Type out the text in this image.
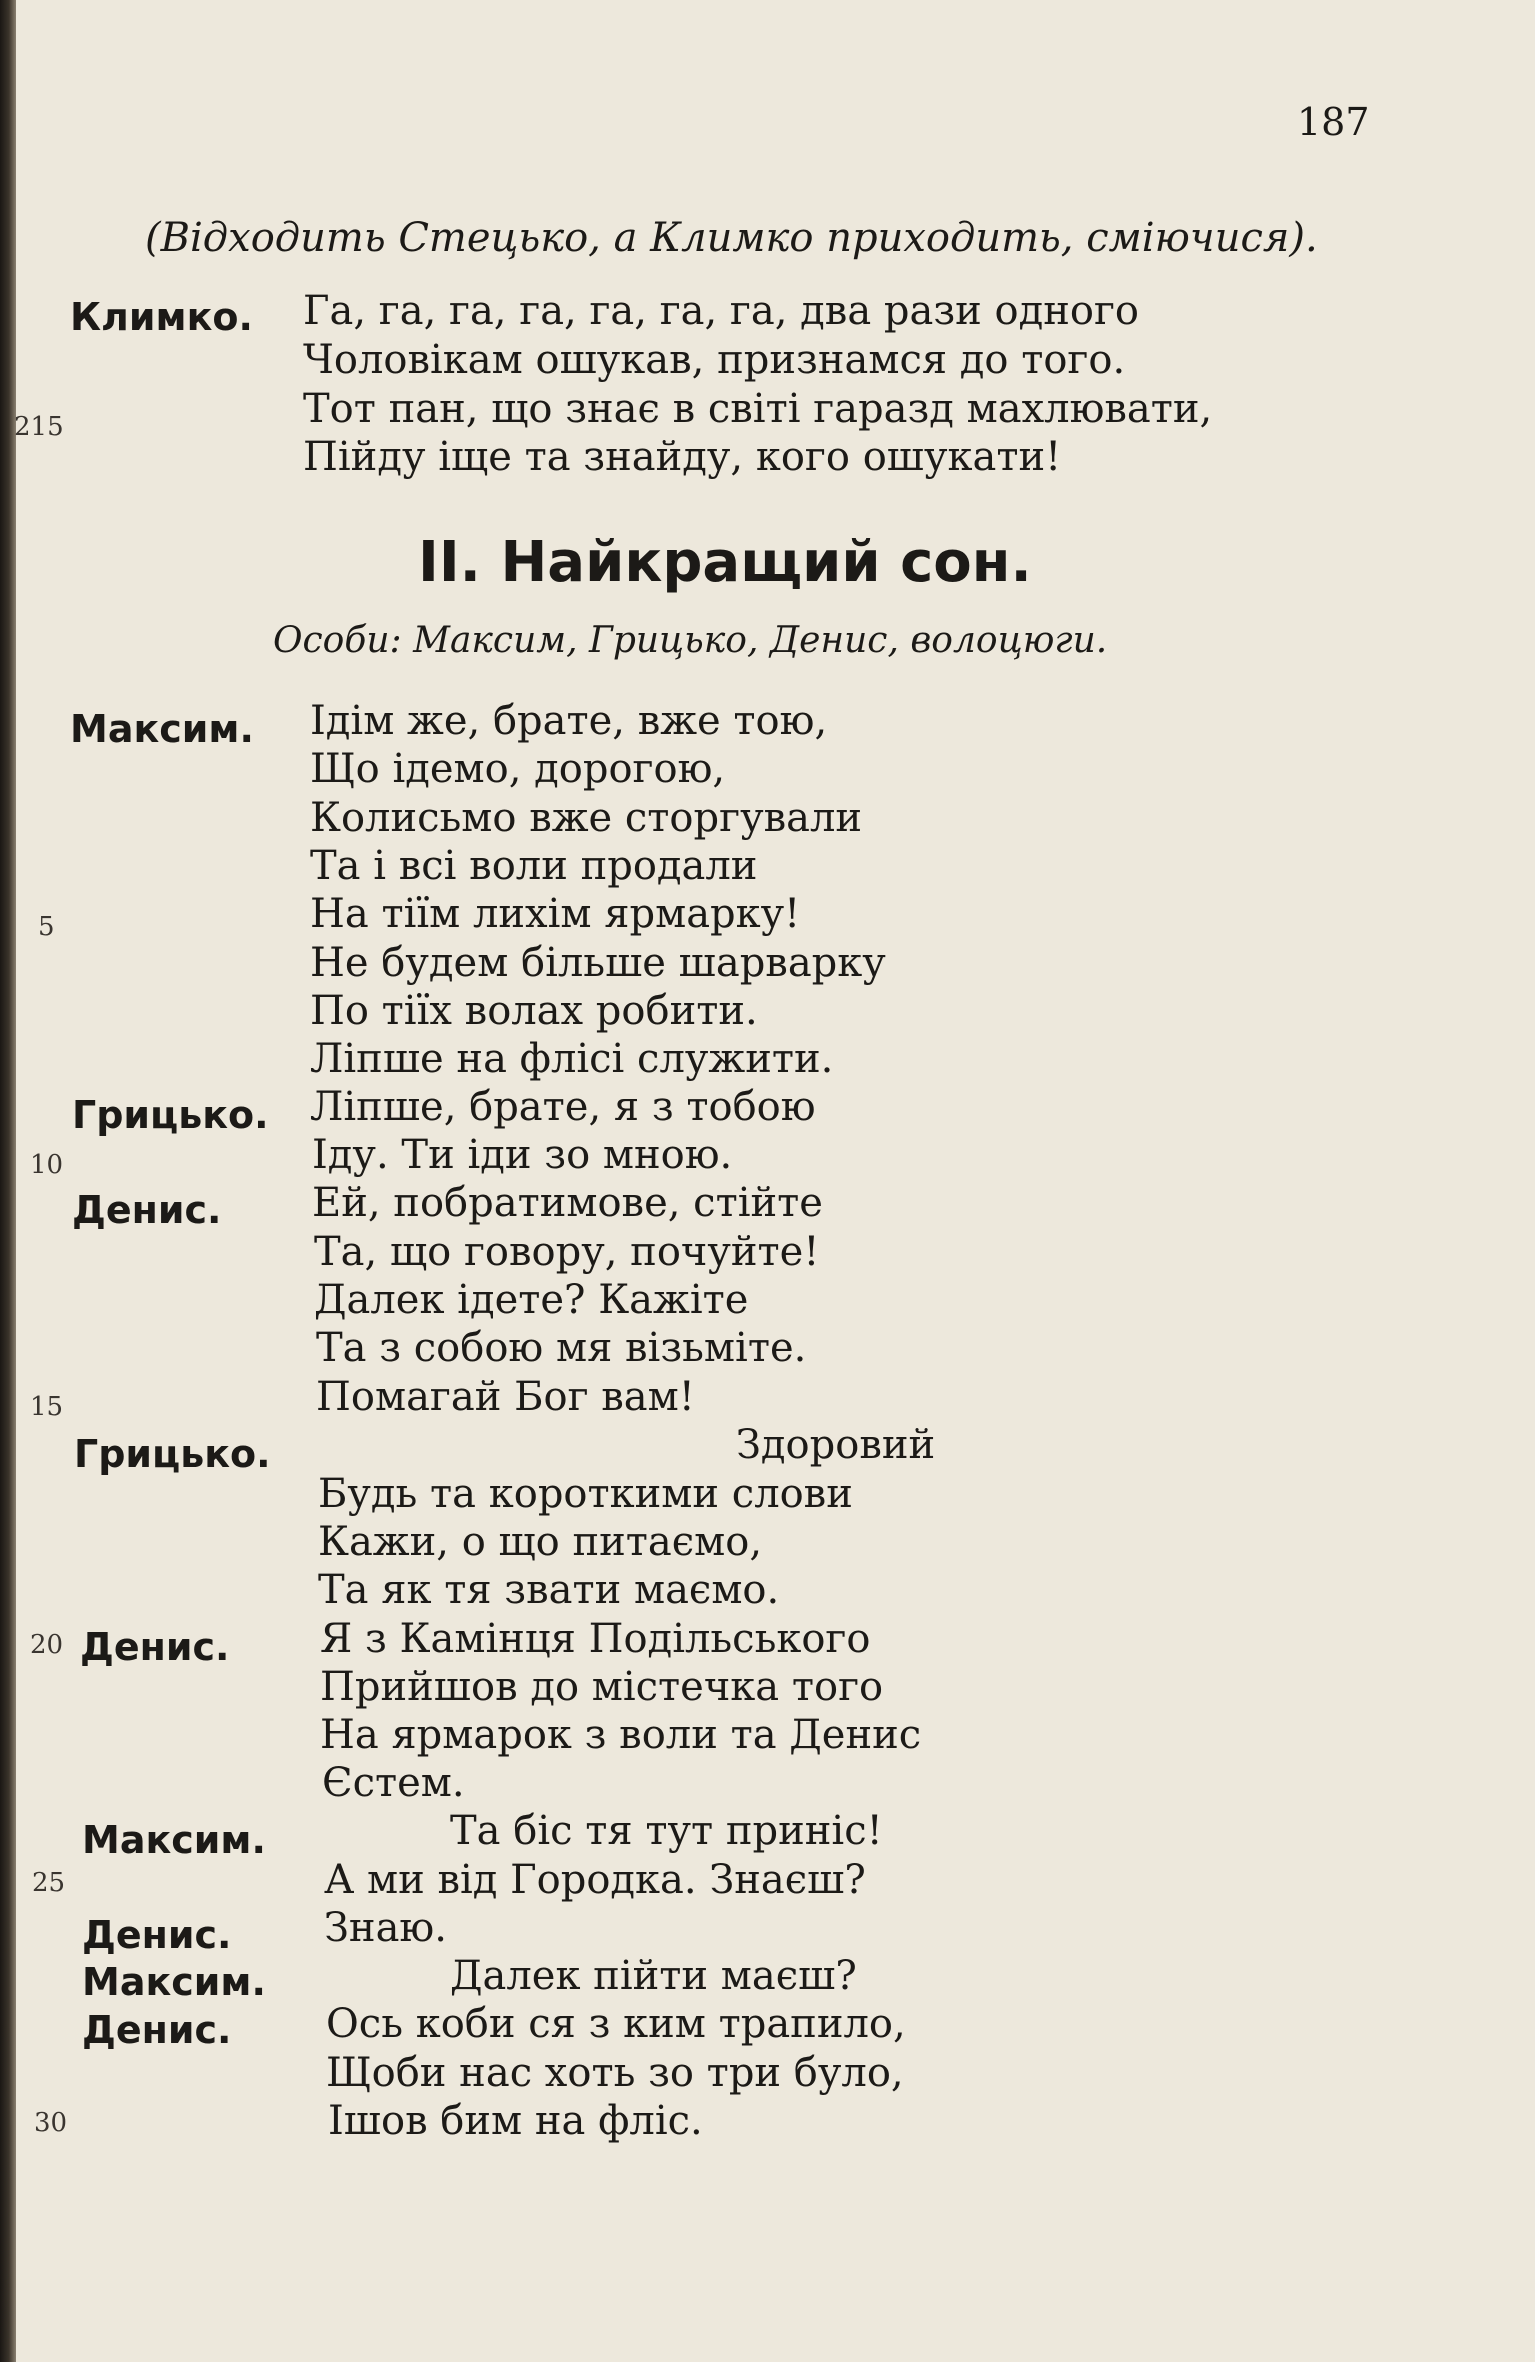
187
(Відходить Стецько, а Климко приходить, сміючися).
Климко. Га, га, га, га, га, га, га, два рази одного
Чоловікам ошукав, признамся до того.
Тот пан, що знає в світі гаразд махлювати,
Пійду іще та знайду, кого ошукати!
215
II. Найкращий сон.
Особи: Максим, Грицько, Денис, волоцюги.
Максим.
Грицько.
Денис.
Грицько.
Денис.
Максим.
Денис.
Максим.
Денис.
Ідім же, брате, вже тою,
Що ідемо, дорогою,
Колисьмо вже сторгували
Та і всі воли продали
На тіїм лихім ярмарку!
Не будем більше шарварку
По тіїх волах робити.
Ліпше на флісі служити.
Ліпше, брате, я з тобою
Іду. Ти іди зо мною.
Ей, побратимове, стійте
Та, що говору, почуйте!
Далек ідете? Кажіте
Та з собою мя візьміте.
Помагай Бог вам!
Здоровий
Будь та короткими слови
Кажи, о що питаємо,
Та як тя звати маємо.
Я з Камінця Подільського
Прийшов до містечка того
На ярмарок з воли та Денис
Єстем.
Та біс тя тут приніс!
А ми від Городка. Знаєш?
Знаю.
Далек пійти маєш?
Ось коби ся з ким трапило,
Щоби нас хоть зо три було,
Ішов бим на фліс.
5
10
15
20
25
30
